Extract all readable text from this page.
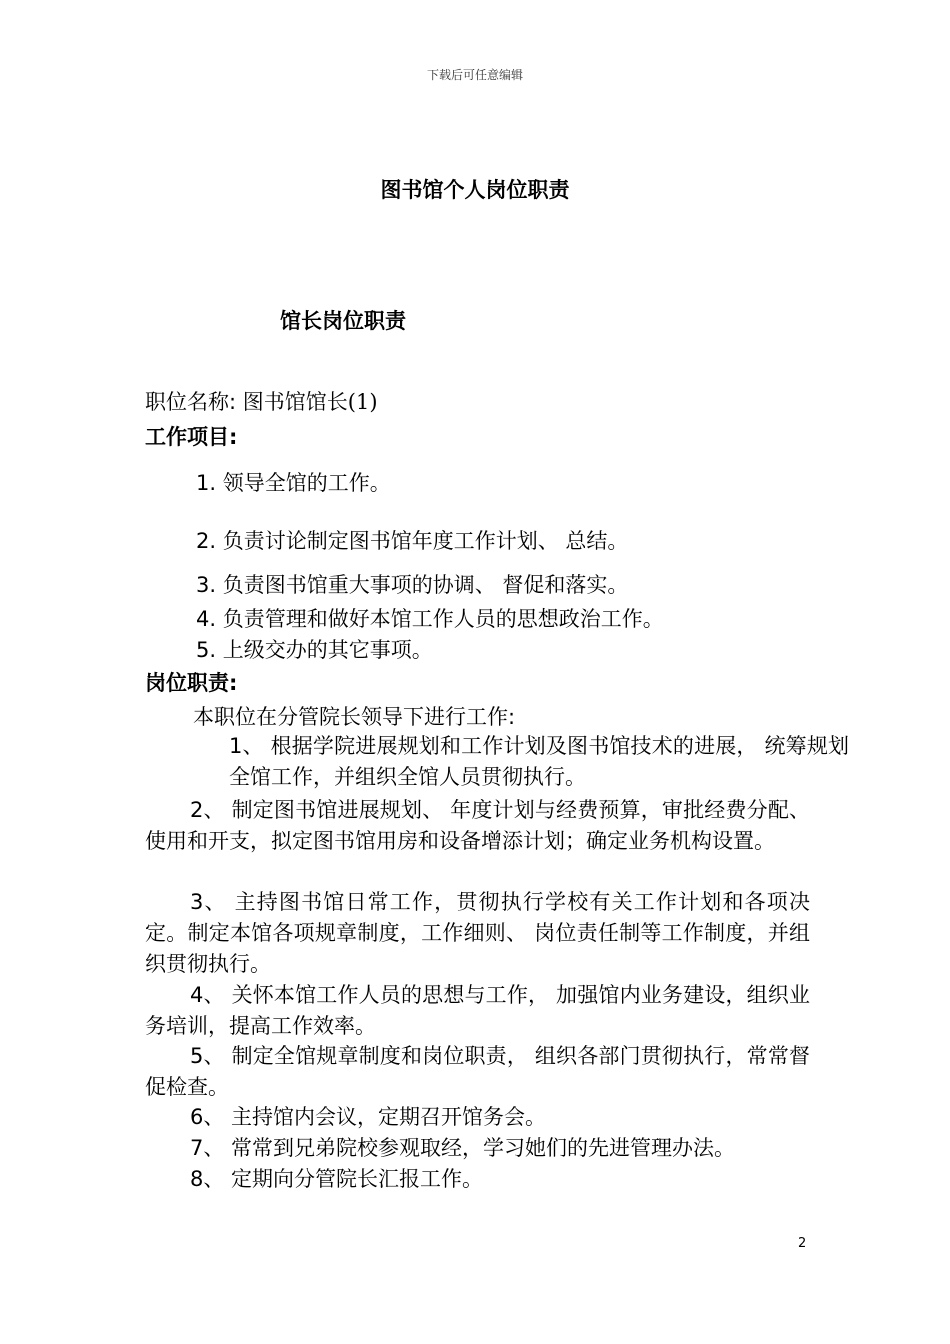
下载后可任意编辑
图书馆个人岗位职责
馆长岗位职责
职位名称: 图书馆馆长(1)
工作项目:
1. 领导全馆的工作。
2. 负责讨论制定图书馆年度工作计划、 总结。
3. 负责图书馆重大事项的协调、 督促和落实。
4. 负责管理和做好本馆工作人员的思想政治工作。
5. 上级交办的其它事项。
岗位职责:
本职位在分管院长领导下进行工作:
1、 根据学院进展规划和工作计划及图书馆技术的进展， 统筹规划全馆工作，并组织全馆人员贯彻执行。
2、 制定图书馆进展规划、 年度计划与经费预算，审批经费分配、 使用和开支，拟定图书馆用房和设备增添计划；确定业务机构设置。
3、 主持图书馆日常工作，贯彻执行学校有关工作计划和各项决定。制定本馆各项规章制度，工作细则、 岗位责任制等工作制度，并组织贯彻执行。
4、 关怀本馆工作人员的思想与工作， 加强馆内业务建设，组织业务培训，提高工作效率。
5、 制定全馆规章制度和岗位职责， 组织各部门贯彻执行，常常督促检查。
6、 主持馆内会议，定期召开馆务会。
7、 常常到兄弟院校参观取经，学习她们的先进管理办法。
8、 定期向分管院长汇报工作。
2
